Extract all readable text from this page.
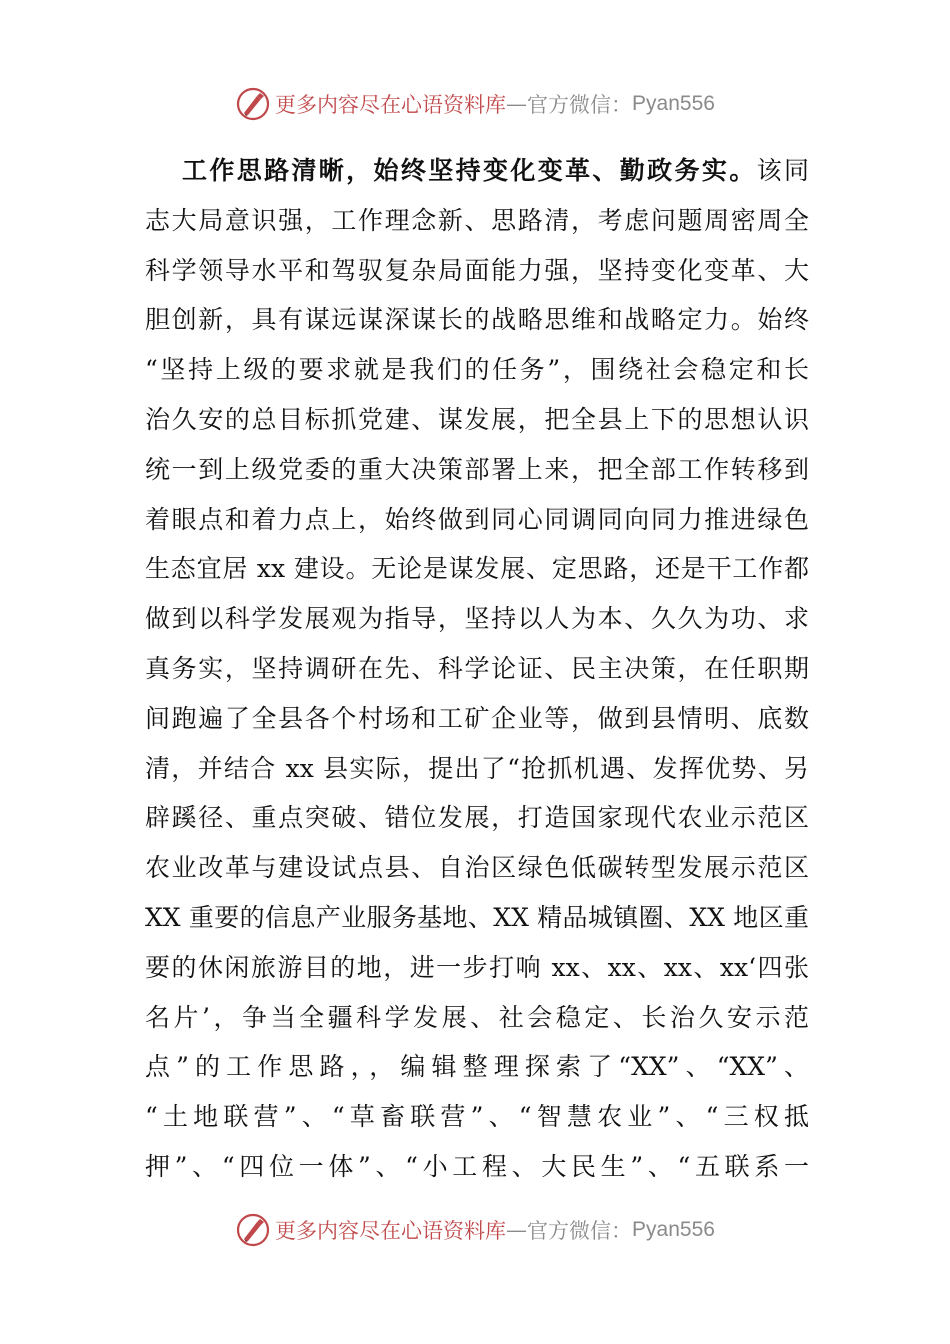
更多内容尽在心语资料库 — 官方微信： Pyan556
工作思路清晰，始终坚持变化变革、勤政务实。该同
志大局意识强，工作理念新、思路清，考虑问题周密周全
科学领导水平和驾驭复杂局面能力强，坚持变化变革、大
胆创新，具有谋远谋深谋长的战略思维和战略定力。始终
“坚持上级的要求就是我们的任务”，围绕社会稳定和长
治久安的总目标抓党建、谋发展，把全县上下的思想认识
统一到上级党委的重大决策部署上来，把全部工作转移到
着眼点和着力点上，始终做到同心同调同向同力推进绿色
生态宜居 xx 建设。无论是谋发展、定思路，还是干工作都
做到以科学发展观为指导，坚持以人为本、久久为功、求
真务实，坚持调研在先、科学论证、民主决策，在任职期
间跑遍了全县各个村场和工矿企业等，做到县情明、底数
清，并结合 xx 县实际，提出了“抢抓机遇、发挥优势、另
辟蹊径、重点突破、错位发展，打造国家现代农业示范区
农业改革与建设试点县、自治区绿色低碳转型发展示范区
XX 重要的信息产业服务基地、XX 精品城镇圈、XX 地区重
要的休闲旅游目的地，进一步打响 xx、xx、xx、xx‘四张
名片’，争当全疆科学发展、社会稳定、长治久安示范
点”的工作思路，，编辑整理探索了“XX”、“XX”、
“土地联营”、“草畜联营”、“智慧农业”、“三权抵
押”、“四位一体”、“小工程、大民生”、“五联系一
更多内容尽在心语资料库 — 官方微信： Pyan556
